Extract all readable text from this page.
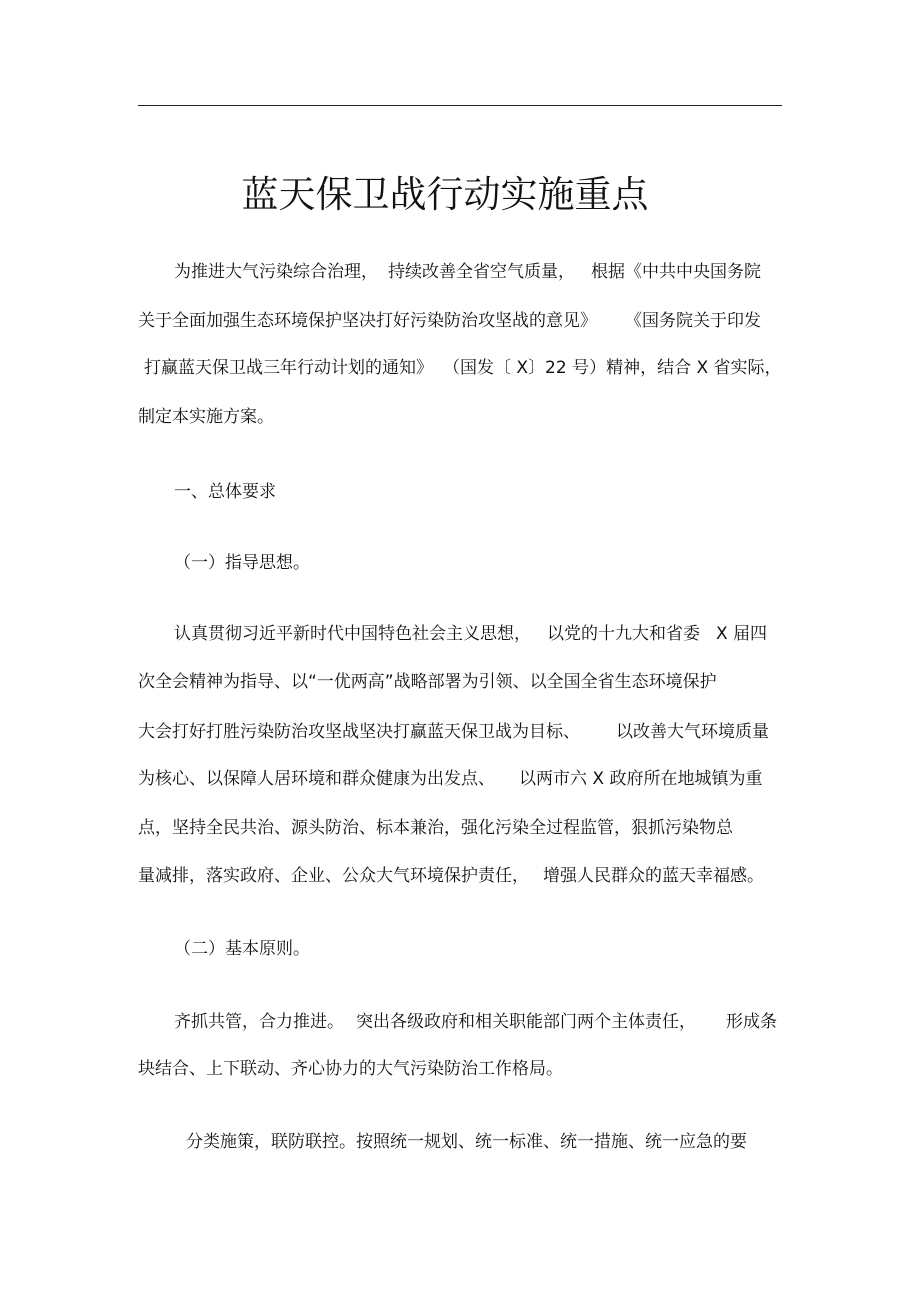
蓝天保卫战行动实施重点
为推进大气污染综合治理， 持续改善全省空气质量， 根据《中共中央国务院
关于全面加强生态环境保护坚决打好污染防治攻坚战的意见》 《国务院关于印发
打赢蓝天保卫战三年行动计划的通知》 （国发〔 X〕22 号）精神，结合 X 省实际，
制定本实施方案。
一、总体要求
（一）指导思想。
认真贯彻习近平新时代中国特色社会主义思想， 以党的十九大和省委 X 届四
次全会精神为指导、以“一优两高”战略部署为引领、以全国全省生态环境保护
大会打好打胜污染防治攻坚战坚决打赢蓝天保卫战为目标、 以改善大气环境质量
为核心、以保障人居环境和群众健康为出发点、 以两市六 X 政府所在地城镇为重
点，坚持全民共治、源头防治、标本兼治，强化污染全过程监管，狠抓污染物总
量减排，落实政府、企业、公众大气环境保护责任， 增强人民群众的蓝天幸福感。
（二）基本原则。
齐抓共管，合力推进。 突出各级政府和相关职能部门两个主体责任， 形成条
块结合、上下联动、齐心协力的大气污染防治工作格局。
分类施策，联防联控。按照统一规划、统一标准、统一措施、统一应急的要
